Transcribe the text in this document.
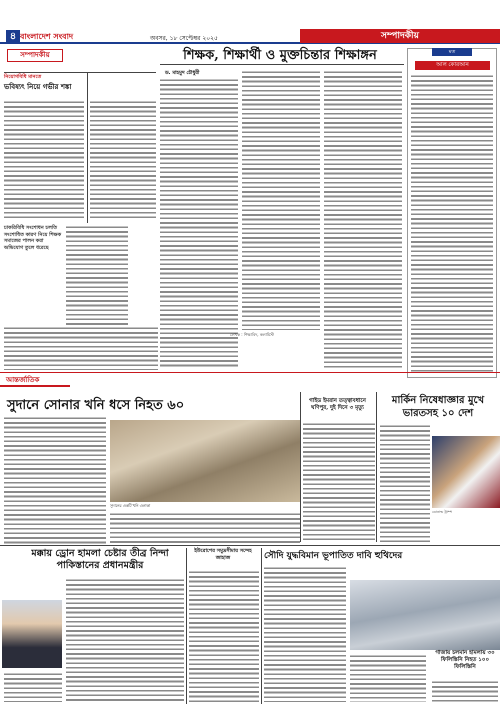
৪ বাংলাদেশ সংবাদ	অবসর, ১৮ সেপ্টেম্বর ২০২৫	সম্পাদকীয়
সম্পাদকীয়
নিয়োগবিধি মানতে
ভবিষ্যৎ নিয়ে গভীর শঙ্কা
চাকরিবিধি সংশোধন চলতি সংশোধিত কারণ নিয়ে শিক্ষক সমাজের পালন করা অভিযোগ তুলে ধরেছে
শিক্ষক, শিক্ষার্থী ও মুক্তচিন্তার শিক্ষাঙ্গন
ড. মাহমুদ চৌধুরী
লেখক : শিক্ষাবিদ, কলামিস্ট
মত
আল কোরআন
আন্তর্জাতিক
সুদানে সোনার খনি ধসে নিহত ৬০
সুদানের একটি খনি এলাকা
গাইড ইমরান তত্ত্বাবধানে ঘণিপুর, দুই দিনে ৩ মৃত্যু
মার্কিন নিষেধাজ্ঞার মুখে ভারতসহ ১০ দেশ
ডোনাল্ড ট্রাম্প
মক্কায় ড্রোন হামলা চেষ্টার তীব্র নিন্দা পাকিস্তানের প্রধানমন্ত্রীর
ইউরোপের সমুদ্রসীমায় সন্দেহ জাহাজ	সৌদি যুদ্ধবিমান ভূপাতিত দাবি হুথিদের
গাজায় চলমান হামলায় ৩০ ফিলিস্তিনি নিহত ১০০ ফিলিস্তিনি
